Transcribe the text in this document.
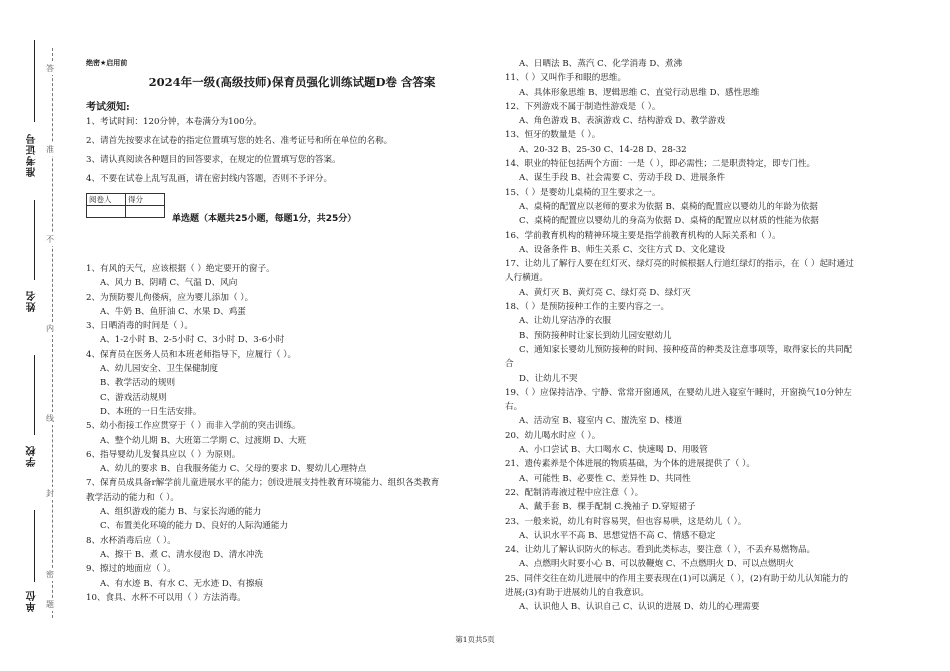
准考证号
姓名
学校
单位
答
准
不
内
线
封
密
题
绝密★启用前
2024年一级(高级技师)保育员强化训练试题D卷 含答案
考试须知:
1、考试时间：120分钟，本卷满分为100分。
2、请首先按要求在试卷的指定位置填写您的姓名、准考证号和所在单位的名称。
3、请认真阅读各种题目的回答要求，在规定的位置填写您的答案。
4、不要在试卷上乱写乱画，请在密封线内答题，否则不予评分。
阅卷人	得分

单选题（本题共25小题，每题1分，共25分）
1、有风的天气，应该根据（ ）绝定要开的窗子。
A、风力 B、阴晴 C、气温 D、风向
2、为预防婴儿佝偻病，应为婴儿添加（ ）。
A、牛奶 B、鱼肝油 C、水果 D、鸡蛋
3、日晒消毒的时间是（ ）。
A、1-2小时 B、2-5小时 C、3小时 D、3-6小时
4、保育员在医务人员和本班老师指导下，应履行（ ）。
A、幼儿园安全、卫生保健制度
B、教学活动的规则
C、游戏活动规则
D、本班的一日生活安排。
5、幼小衔接工作应贯穿于（ ）而非入学前的突击训练。
A、整个幼儿期 B、大班第二学期 C、过渡期 D、大班
6、指导婴幼儿发餐具应以（ ）为原则。
A、幼儿的要求 B、自我服务能力 C、父母的要求 D、婴幼儿心理特点
7、保育员成具备r解学前儿童进展水平的能力；创设进展支持性教育环境能力、组织各类教育
教学活动的能力和（ ）。
A、组织游戏的能力 B、与家长沟通的能力
C、布置美化环境的能力 D、良好的人际沟通能力
8、水杯消毒后应（ ）。
A、擦干 B、煮 C、清水侵泡 D、清水冲洗
9、擦过的地面应（ ）。
A、有水迹 B、有水 C、无水迹 D、有擦痕
10、食具、水杯不可以用（ ）方法消毒。
A、日晒法 B、蒸汽 C、化学消毒 D、煮沸
11、（ ）又叫作手和眼的思维。
A、具体形象思维 B、逻辑思维 C、直觉行动思维 D、感性思维
12、下列游戏不属于制造性游戏是（ ）。
A、角色游戏 B、表演游戏 C、结构游戏 D、教学游戏
13、恒牙的数量是（ ）。
A、20-32 B、25-30 C、14-28 D、28-32
14、职业的特征包括两个方面：一是（ ），即必需性；二是职责特定，即专门性。
A、谋生手段 B、社会需要 C、劳动手段 D、进展条件
15、（ ）是婴幼儿桌椅的卫生要求之一。
A、桌椅的配置应以老师的要求为依据 B、桌椅的配置应以婴幼儿的年龄为依据
C、桌椅的配置应以婴幼儿的身高为依据 D、桌椅的配置应以材质的性能为依据
16、学前教育机构的精神环境主要是指学前教育机构的人际关系和（ ）。
A、设备条件 B、师生关系 C、交往方式 D、文化建设
17、让幼儿了解行人要在红灯灭、绿灯亮的时候根据人行道红绿灯的指示，在（ ）起时通过
人行横道。
A、黄灯灭 B、黄灯亮 C、绿灯亮 D、绿灯灭
18、（ ）是预防接种工作的主要内容之一。
A、让幼儿穿洁净的衣服
B、预防接种时让家长到幼儿园安慰幼儿
C、通知家长婴幼儿预防接种的时间、接种疫苗的种类及注意事项等，取得家长的共同配
合
D、让幼儿不哭
19、（ ）应保持洁净、宁静、常常开窗通风，在婴幼儿进入寝室午睡时，开窗换气10分钟左
右。
A、活动室 B、寝室内 C、盥洗室 D、楼道
20、幼儿喝水时应（ ）。
A、小口尝试 B、大口喝水 C、快速喝 D、用吸管
21、遗传素养是个体进展的物质基础，为个体的进展提供了（ ）。
A、可能性 B、必要性 C、差异性 D、共同性
22、配制消毒液过程中应注意（ ）。
A、戴手套 B、棵手配制 C.挽袖子 D.穿短裙子
23、一般来说，幼儿有时容易哭，但也容易哄，这是幼儿（ ）。
A、认识水平不高 B、思想觉悟不高 C、情感不稳定
24、让幼儿了解认识防火的标志。看到此类标志，要注意（ ），不丢弃易燃物品。
A、点燃明火时要小心 B、可以放鞭炮 C、不点燃明火 D、可以点燃明火
25、同伴交往在幼儿进展中的作用主要表现在(1)可以满足（ ），(2)有助于幼儿认知能力的
进展;(3)有助于进展幼儿的自我意识。
A、认识他人 B、认识自己 C、认识的进展 D、幼儿的心理需要
第1页共5页
